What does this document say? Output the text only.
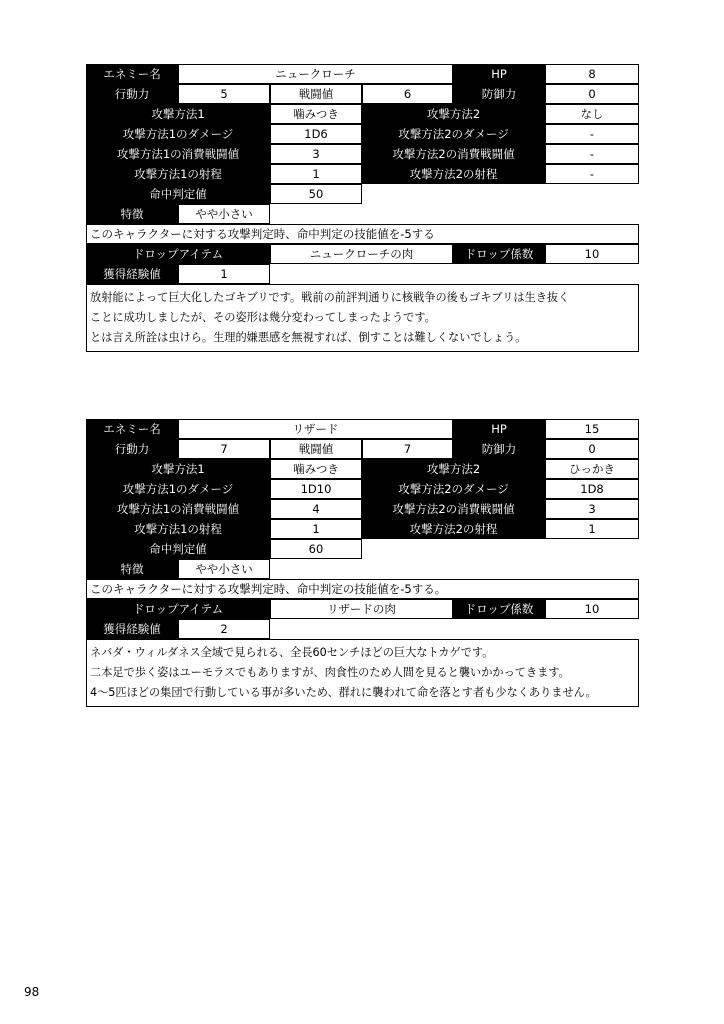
エネミー名	ニュークローチ	HP	8
行動力	5	戦闘値	6	防御力	0
攻撃方法1	噛みつき	攻撃方法2	なし
攻撃方法1のダメージ	1D6	攻撃方法2のダメージ	-
攻撃方法1の消費戦闘値	3	攻撃方法2の消費戦闘値	-
攻撃方法1の射程	1	攻撃方法2の射程	-
命中判定値	50
特徴	やや小さい
このキャラクターに対する攻撃判定時、命中判定の技能値を-5する
ドロップアイテム	ニュークローチの肉	ドロップ係数	10
獲得経験値	1
放射能によって巨大化したゴキブリです。戦前の前評判通りに核戦争の後もゴキブリは生き抜く
ことに成功しましたが、その姿形は幾分変わってしまったようです。
とは言え所詮は虫けら。生理的嫌悪感を無視すれば、倒すことは難しくないでしょう。
エネミー名	リザード	HP	15
行動力	7	戦闘値	7	防御力	0
攻撃方法1	噛みつき	攻撃方法2	ひっかき
攻撃方法1のダメージ	1D10	攻撃方法2のダメージ	1D8
攻撃方法1の消費戦闘値	4	攻撃方法2の消費戦闘値	3
攻撃方法1の射程	1	攻撃方法2の射程	1
命中判定値	60
特徴	やや小さい
このキャラクターに対する攻撃判定時、命中判定の技能値を-5する。
ドロップアイテム	リザードの肉	ドロップ係数	10
獲得経験値	2
ネバダ・ウィルダネス全域で見られる、全長60センチほどの巨大なトカゲです。
二本足で歩く姿はユーモラスでもありますが、肉食性のため人間を見ると襲いかかってきます。
4～5匹ほどの集団で行動している事が多いため、群れに襲われて命を落とす者も少なくありません。
98
